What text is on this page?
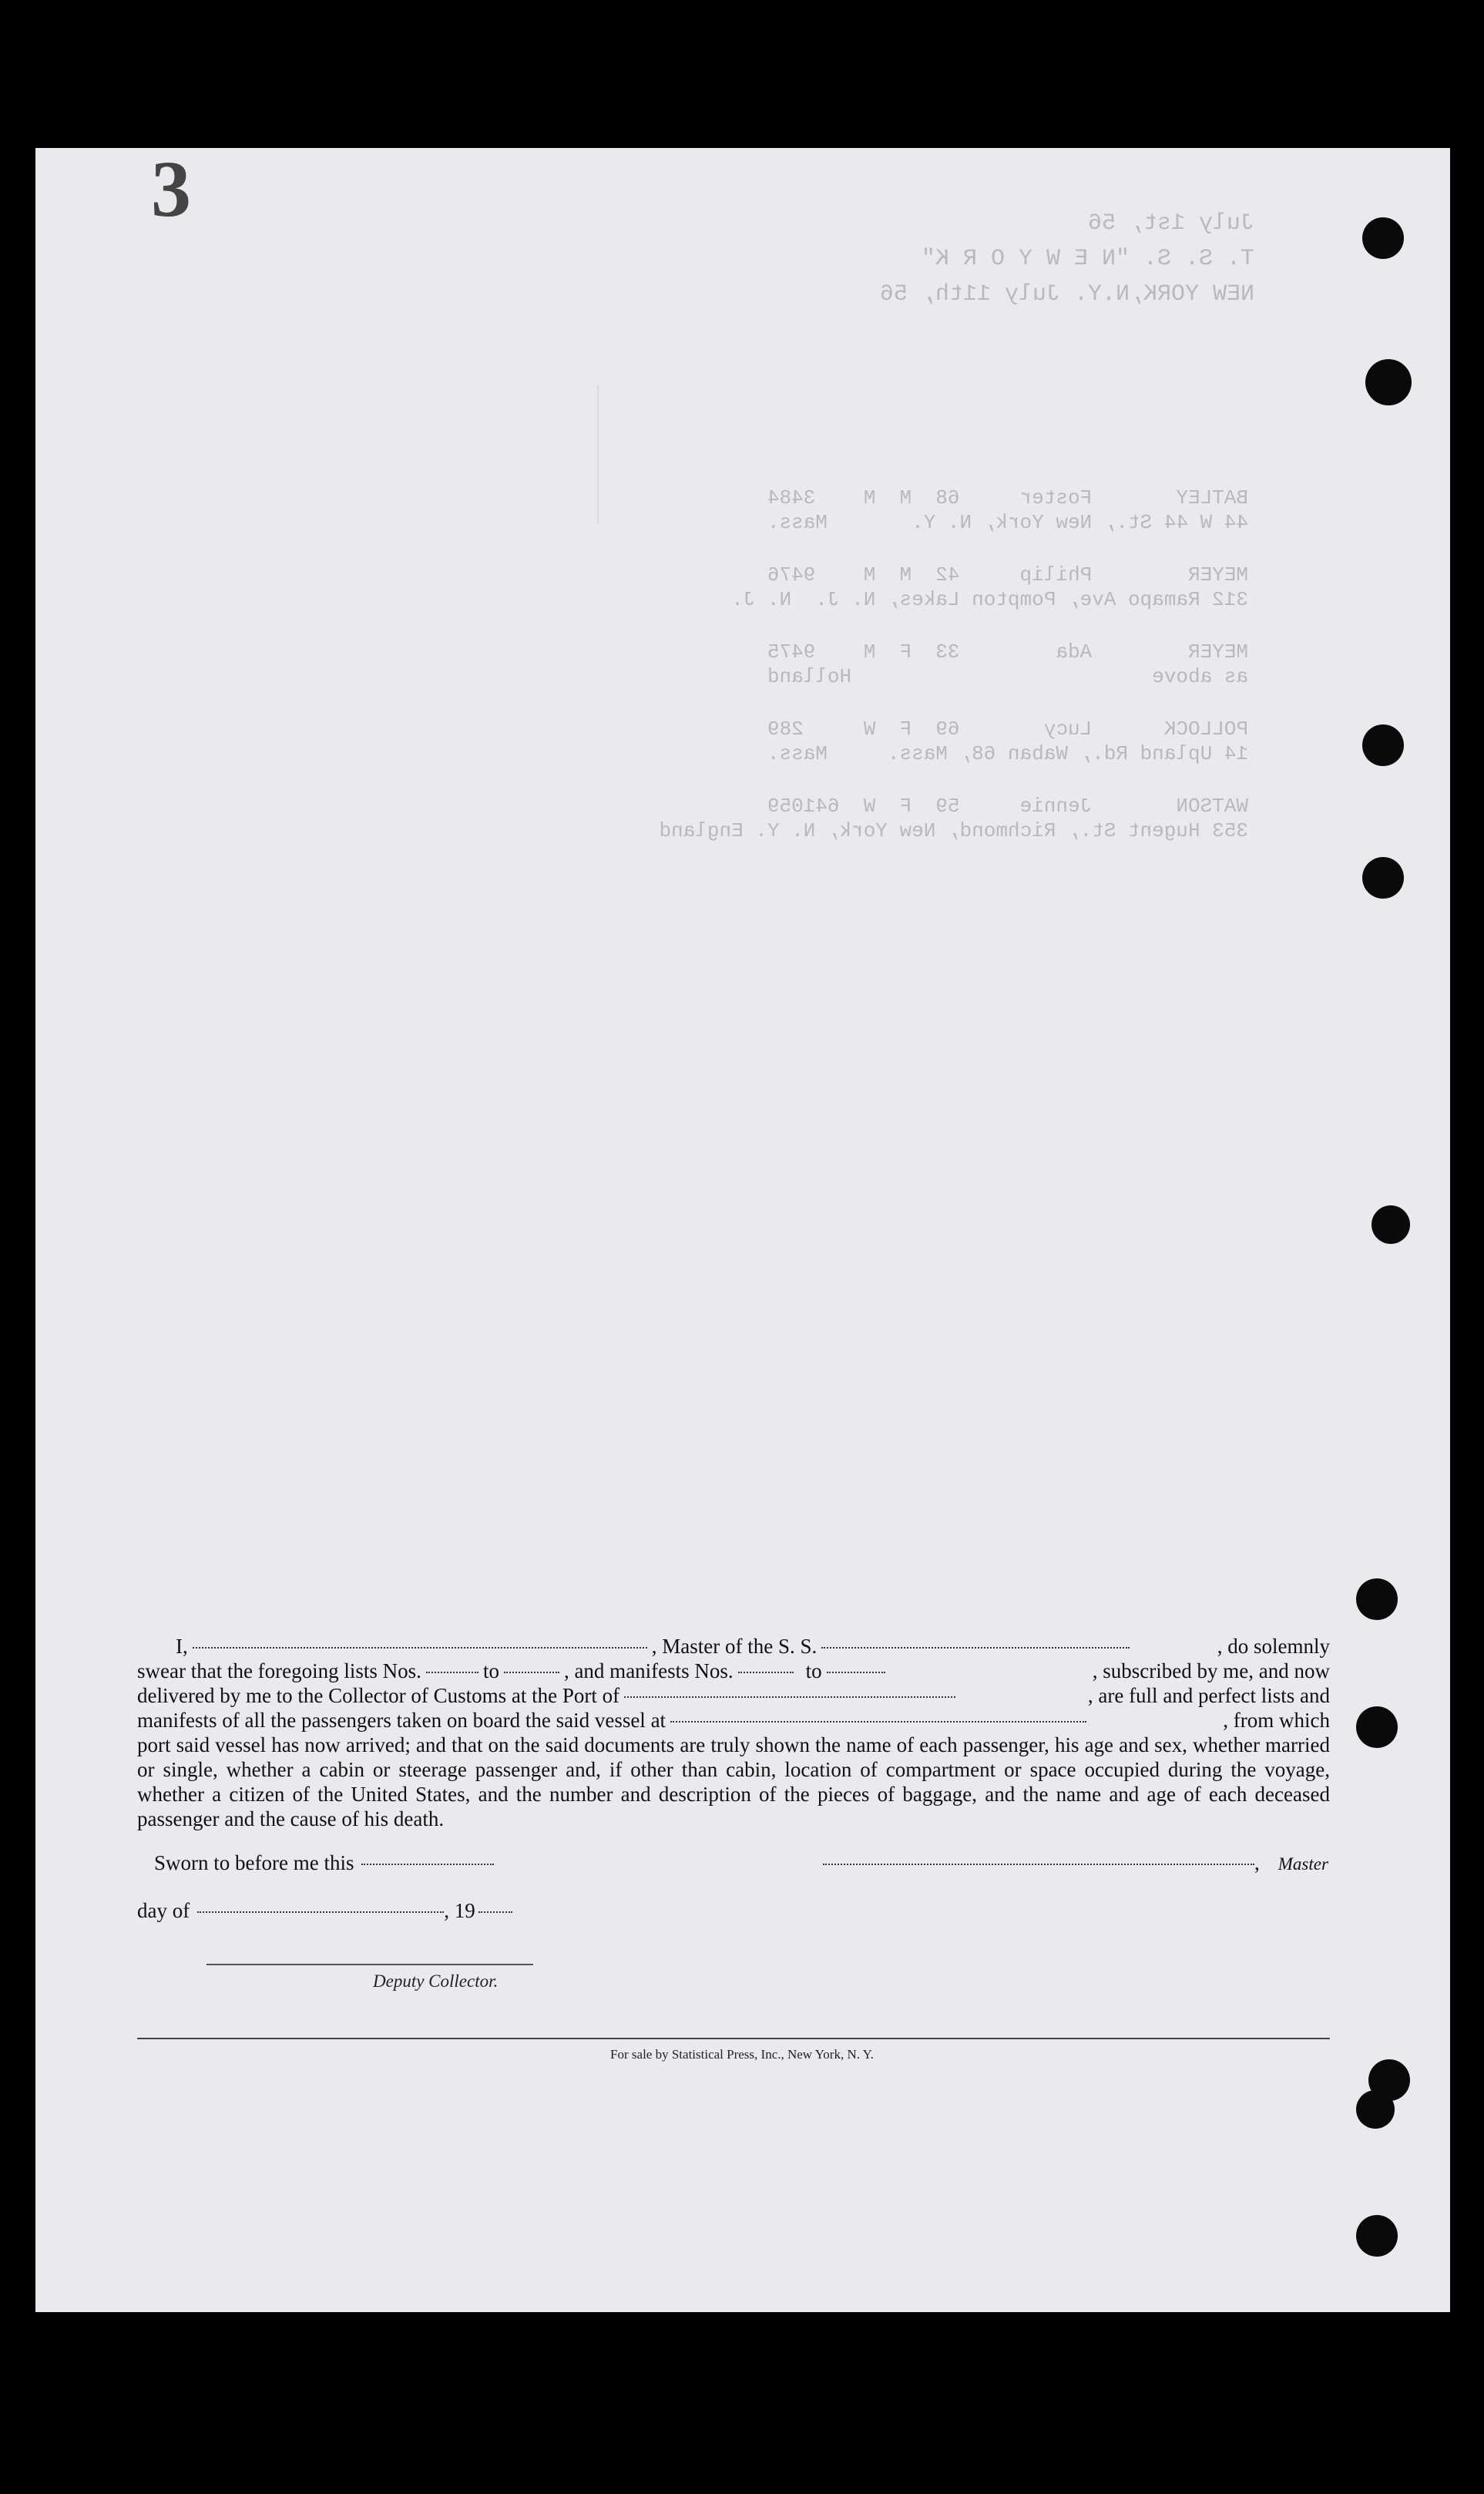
3	July 1st, 56
T. S. S. "N E W Y O R K"
NEW YORK,N.Y. July 11th, 56
BATLEY       Foster     68  M  M    3484
44 W 44 St., New York, N. Y.       Mass.
MEYER        Philip     42  M  M    9476
312 Ramapo Ave, Pompton Lakes, N. J.  N. J.
MEYER        Ada        33  F  M    9475
as above                         Holland
POLLOCK      Lucy       69  F  W     289
14 Upland Rd., Waban 68, Mass.     Mass.
WATSON       Jennie     59  F  W  641059
353 Hugent St., Richmond, New York, N. Y. England
I,	, Master of the S. S.	, do solemnly
swear that the foregoing lists Nos.	to	, and manifests Nos.	to	, subscribed by me, and now
delivered by me to the Collector of Customs at the Port of	, are full and perfect lists and
manifests of all the passengers taken on board the said vessel at	, from which

port said vessel has now arrived; and that on the said documents are truly shown the name of each passenger, his age and sex, whether married or single, whether a cabin or steerage passenger and, if other than cabin, location of compartment or space occupied during the voyage, whether a citizen of the United States, and the number and description of the pieces of baggage, and the name and age of each deceased passenger and the cause of his death.

Sworn to before me this	, Master
day of	, 19
Deputy Collector.
For sale by Statistical Press, Inc., New York, N. Y.
